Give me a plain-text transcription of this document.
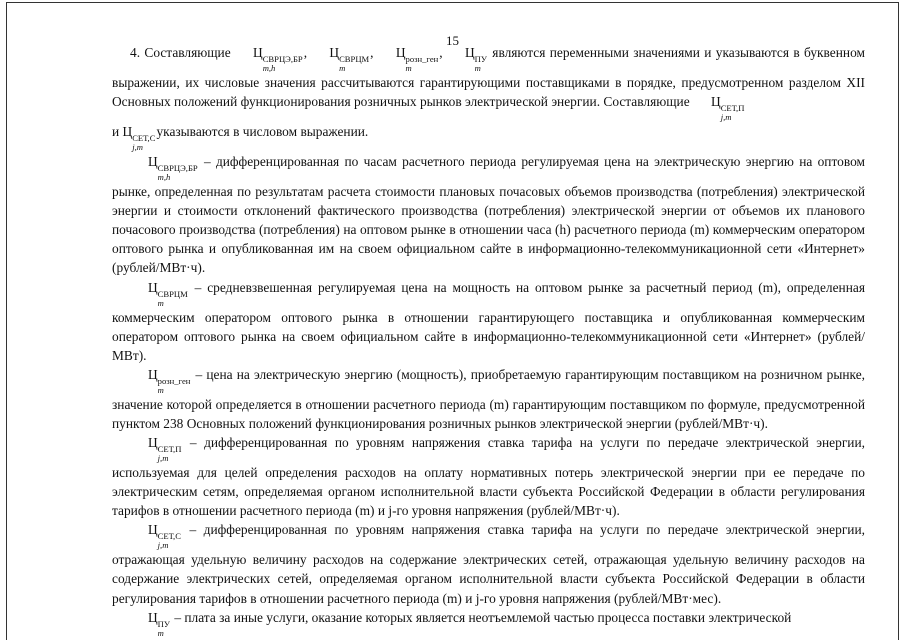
15

4. Составляющие Ц СВРЦЭ,БР
m,h
, Ц СВРЦМ
m
, Ц розн_ген
m
, Ц ПУ
m
являются переменными значениями и указываются в буквенном выражении, их числовые значения рассчитываются гарантирующими поставщиками в порядке, предусмотренном разделом XII Основных положений функционирования розничных рынков электрической энергии. Составляющие Ц СЕТ,П
j,m

и Ц СЕТ,С
j,m
указываются в числовом выражении.

Ц СВРЦЭ,БР
m,h
– дифференцированная по часам расчетного периода регулируемая цена на электрическую энергию на оптовом рынке, определенная по результатам расчета стоимости плановых почасовых объемов производства (потребления) электрической энергии и стоимости отклонений фактического производства (потребления) электрической энергии от объемов их планового почасового производства (потребления) на оптовом рынке в отношении часа (h) расчетного периода (m) коммерческим оператором оптового рынка и опубликованная им на своем официальном сайте в информационно-телекоммуникационной сети «Интернет» (рублей/МВт·ч).

Ц СВРЦМ
m
– средневзвешенная регулируемая цена на мощность на оптовом рынке за расчетный период (m), определенная коммерческим оператором оптового рынка в отношении гарантирующего поставщика и опубликованная коммерческим оператором оптового рынка на своем официальном сайте в информационно-телекоммуникационной сети «Интернет» (рублей/МВт).

Ц розн_ген
m
– цена на электрическую энергию (мощность), приобретаемую гарантирующим поставщиком на розничном рынке, значение которой определяется в отношении расчетного периода (m) гарантирующим поставщиком по формуле, предусмотренной пунктом 238 Основных положений функционирования розничных рынков электрической энергии (рублей/МВт·ч).

Ц СЕТ,П
j,m
– дифференцированная по уровням напряжения ставка тарифа на услуги по передаче электрической энергии, используемая для целей определения расходов на оплату нормативных потерь электрической энергии при ее передаче по электрическим сетям, определяемая органом исполнительной власти субъекта Российской Федерации в области регулирования тарифов в отношении расчетного периода (m) и j-го уровня напряжения (рублей/МВт·ч).

Ц СЕТ,С
j,m
– дифференцированная по уровням напряжения ставка тарифа на услуги по передаче электрической энергии, отражающая удельную величину расходов на содержание электрических сетей, отражающая удельную величину расходов на содержание электрических сетей, определяемая органом исполнительной власти субъекта Российской Федерации в области регулирования тарифов в отношении расчетного периода (m) и j-го уровня напряжения (рублей/МВт·мес).

Ц ПУ
m
– плата за иные услуги, оказание которых является неотъемлемой частью процесса поставки электрической
